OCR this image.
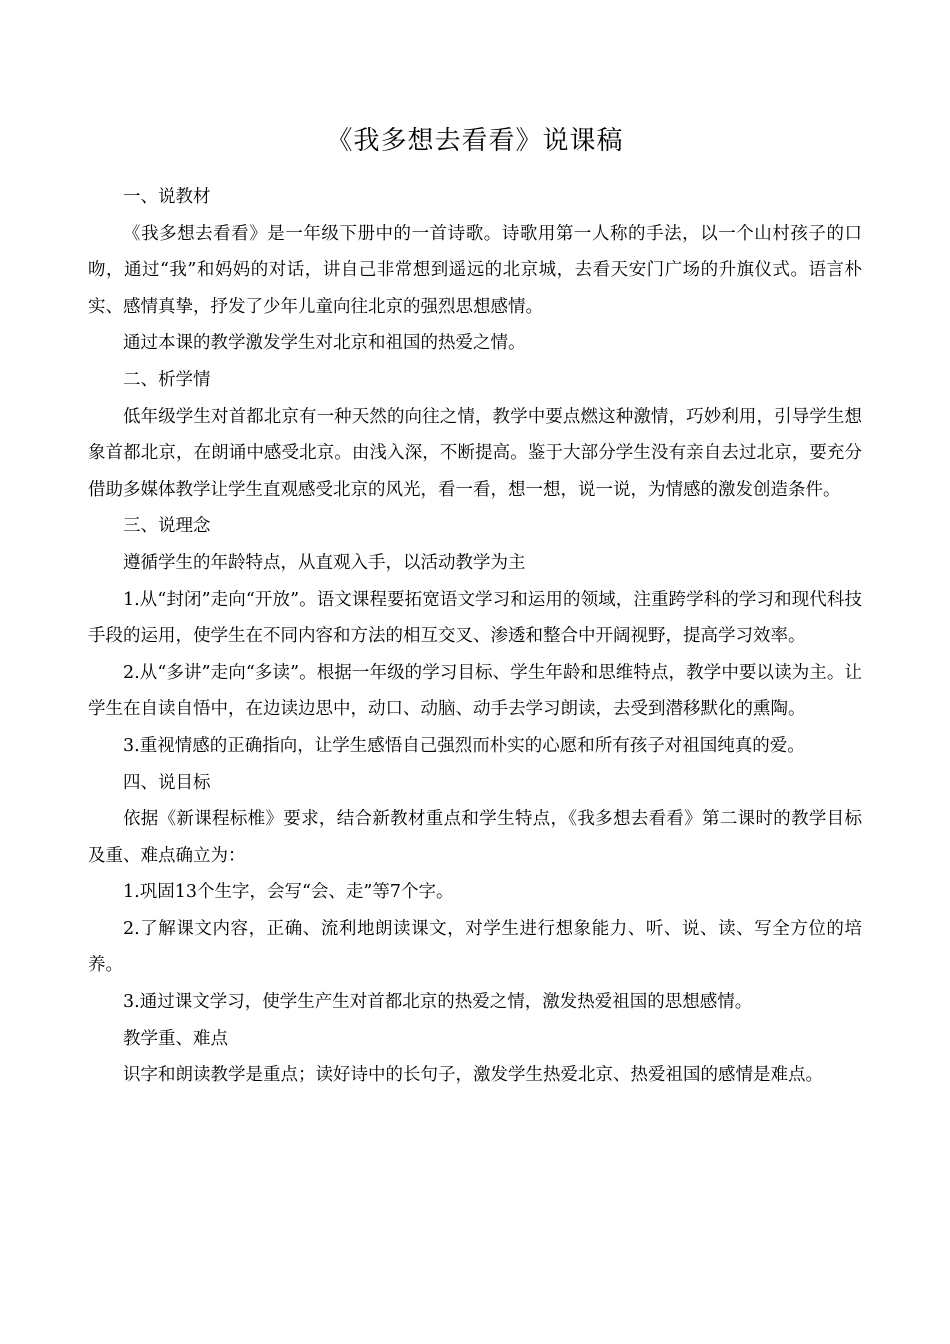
《我多想去看看》说课稿

一、说教材

《我多想去看看》是一年级下册中的一首诗歌。诗歌用第一人称的手法，以一个山村孩子的口吻，通过“我”和妈妈的对话，讲自己非常想到遥远的北京城，去看天安门广场的升旗仪式。语言朴实、感情真挚，抒发了少年儿童向往北京的强烈思想感情。

通过本课的教学激发学生对北京和祖国的热爱之情。

二、析学情

低年级学生对首都北京有一种天然的向往之情，教学中要点燃这种激情，巧妙利用，引导学生想象首都北京，在朗诵中感受北京。由浅入深，不断提高。鉴于大部分学生没有亲自去过北京，要充分借助多媒体教学让学生直观感受北京的风光，看一看，想一想，说一说，为情感的激发创造条件。

三、说理念

遵循学生的年龄特点，从直观入手，以活动教学为主

1.从“封闭”走向“开放”。语文课程要拓宽语文学习和运用的领域，注重跨学科的学习和现代科技手段的运用，使学生在不同内容和方法的相互交叉、渗透和整合中开阔视野，提高学习效率。

2.从“多讲”走向“多读”。根据一年级的学习目标、学生年龄和思维特点，教学中要以读为主。让学生在自读自悟中，在边读边思中，动口、动脑、动手去学习朗读，去受到潜移默化的熏陶。

3.重视情感的正确指向，让学生感悟自己强烈而朴实的心愿和所有孩子对祖国纯真的爱。

四、说目标

依据《新课程标椎》要求，结合新教材重点和学生特点，《我多想去看看》第二课时的教学目标及重、难点确立为：

1.巩固13个生字，会写“会、走”等7个字。

2.了解课文内容，正确、流利地朗读课文，对学生进行想象能力、听、说、读、写全方位的培养。

3.通过课文学习，使学生产生对首都北京的热爱之情，激发热爱祖国的思想感情。

教学重、难点

识字和朗读教学是重点；读好诗中的长句子，激发学生热爱北京、热爱祖国的感情是难点。
